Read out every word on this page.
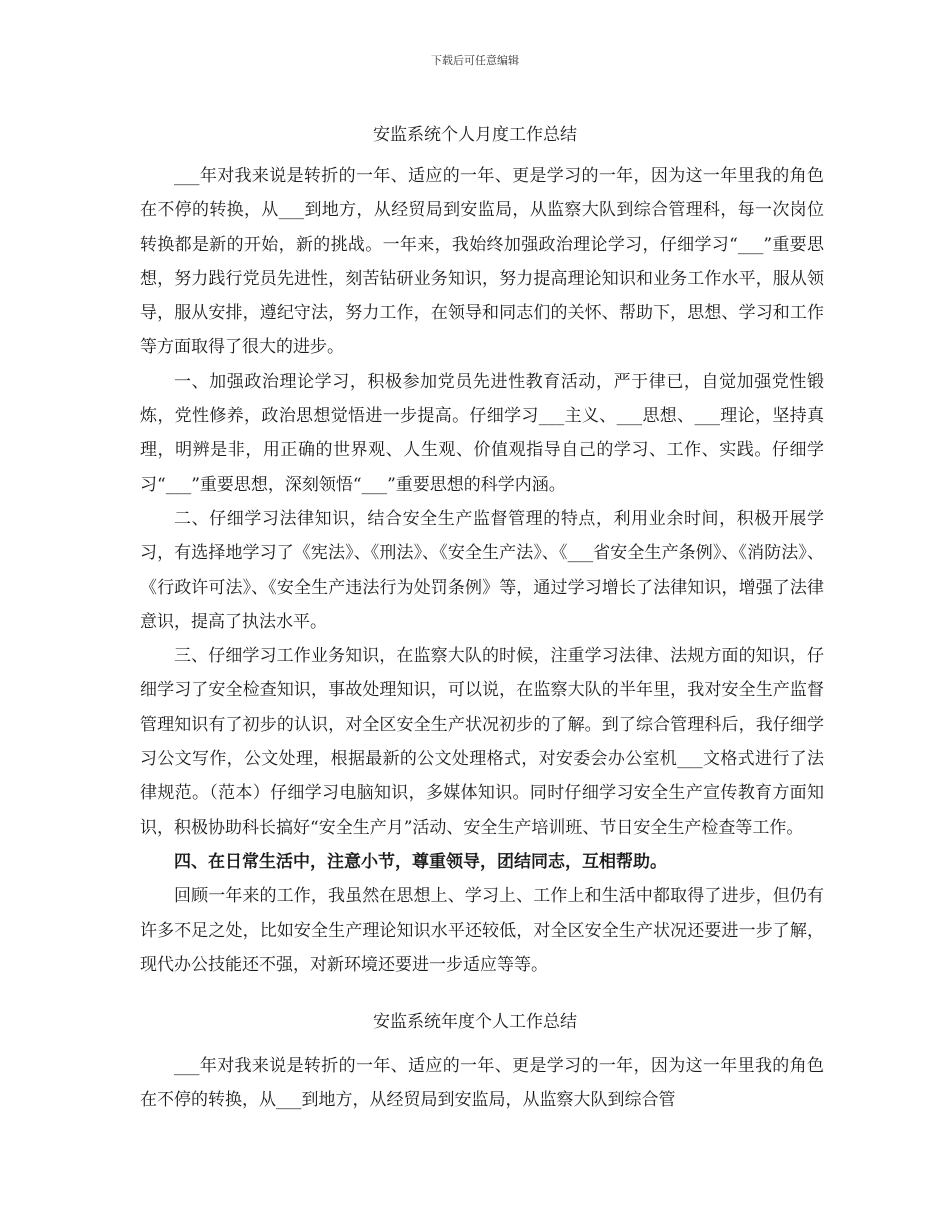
下载后可任意编辑
安监系统个人月度工作总结

___年对我来说是转折的一年、适应的一年、更是学习的一年，因为这一年里我的角色在不停的转换，从___到地方，从经贸局到安监局，从监察大队到综合管理科，每一次岗位转换都是新的开始，新的挑战。一年来，我始终加强政治理论学习，仔细学习“___”重要思想，努力践行党员先进性，刻苦钻研业务知识，努力提高理论知识和业务工作水平，服从领导，服从安排，遵纪守法，努力工作，在领导和同志们的关怀、帮助下，思想、学习和工作等方面取得了很大的进步。

一、加强政治理论学习，积极参加党员先进性教育活动，严于律已，自觉加强党性锻炼，党性修养，政治思想觉悟进一步提高。仔细学习___主义、___思想、___理论，坚持真理，明辨是非，用正确的世界观、人生观、价值观指导自己的学习、工作、实践。仔细学习“___”重要思想，深刻领悟“___”重要思想的科学内涵。

二、仔细学习法律知识，结合安全生产监督管理的特点，利用业余时间，积极开展学习，有选择地学习了《宪法》、《刑法》、《安全生产法》、《___省安全生产条例》、《消防法》、《行政许可法》、《安全生产违法行为处罚条例》等，通过学习增长了法律知识，增强了法律意识，提高了执法水平。

三、仔细学习工作业务知识，在监察大队的时候，注重学习法律、法规方面的知识，仔细学习了安全检查知识，事故处理知识，可以说，在监察大队的半年里，我对安全生产监督管理知识有了初步的认识，对全区安全生产状况初步的了解。到了综合管理科后，我仔细学习公文写作，公文处理，根据最新的公文处理格式，对安委会办公室机___文格式进行了法律规范。（范本）仔细学习电脑知识，多媒体知识。同时仔细学习安全生产宣传教育方面知识，积极协助科长搞好“安全生产月”活动、安全生产培训班、节日安全生产检查等工作。

四、在日常生活中，注意小节，尊重领导，团结同志，互相帮助。

回顾一年来的工作，我虽然在思想上、学习上、工作上和生活中都取得了进步，但仍有许多不足之处，比如安全生产理论知识水平还较低，对全区安全生产状况还要进一步了解，现代办公技能还不强，对新环境还要进一步适应等等。

安监系统年度个人工作总结

___年对我来说是转折的一年、适应的一年、更是学习的一年，因为这一年里我的角色在不停的转换，从___到地方，从经贸局到安监局，从监察大队到综合管
